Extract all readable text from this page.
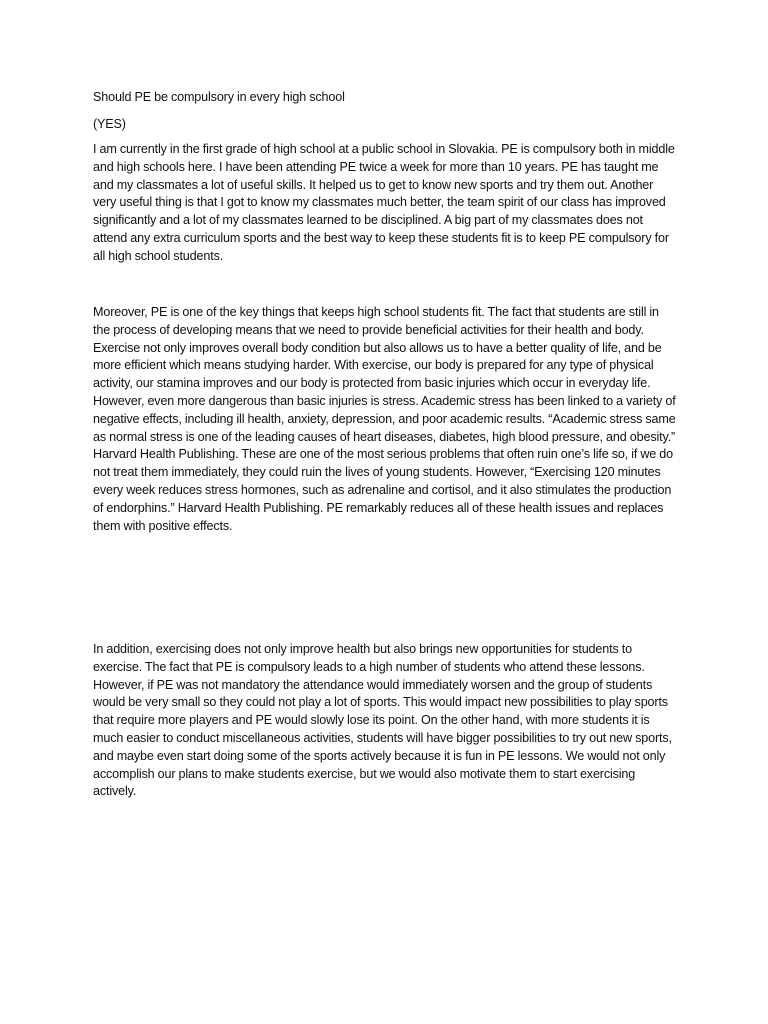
Should PE be compulsory in every high school

(YES)

I am currently in the first grade of high school at a public school in Slovakia. PE is compulsory both in middle and high schools here. I have been attending PE twice a week for more than 10 years. PE has taught me and my classmates a lot of useful skills. It helped us to get to know new sports and try them out. Another very useful thing is that I got to know my classmates much better, the team spirit of our class has improved significantly and a lot of my classmates learned to be disciplined. A big part of my classmates does not attend any extra curriculum sports and the best way to keep these students fit is to keep PE compulsory for all high school students.

Moreover, PE is one of the key things that keeps high school students fit. The fact that students are still in the process of developing means that we need to provide beneficial activities for their health and body. Exercise not only improves overall body condition but also allows us to have a better quality of life, and be more efficient which means studying harder. With exercise, our body is prepared for any type of physical activity, our stamina improves and our body is protected from basic injuries which occur in everyday life. However, even more dangerous than basic injuries is stress. Academic stress has been linked to a variety of negative effects, including ill health, anxiety, depression, and poor academic results. “Academic stress same as normal stress is one of the leading causes of heart diseases, diabetes, high blood pressure, and obesity.” Harvard Health Publishing. These are one of the most serious problems that often ruin one’s life so, if we do not treat them immediately, they could ruin the lives of young students. However, “Exercising 120 minutes every week reduces stress hormones, such as adrenaline and cortisol, and it also stimulates the production of endorphins.” Harvard Health Publishing. PE remarkably reduces all of these health issues and replaces them with positive effects.

In addition, exercising does not only improve health but also brings new opportunities for students to exercise. The fact that PE is compulsory leads to a high number of students who attend these lessons. However, if PE was not mandatory the attendance would immediately worsen and the group of students would be very small so they could not play a lot of sports. This would impact new possibilities to play sports that require more players and PE would slowly lose its point. On the other hand, with more students it is much easier to conduct miscellaneous activities, students will have bigger possibilities to try out new sports, and maybe even start doing some of the sports actively because it is fun in PE lessons. We would not only accomplish our plans to make students exercise, but we would also motivate them to start exercising actively.
